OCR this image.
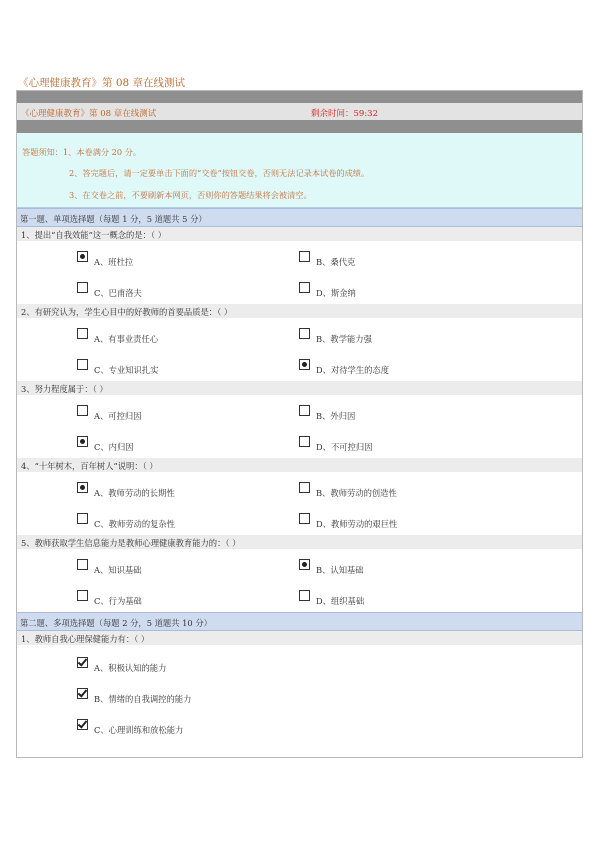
《心理健康教育》第 08 章在线测试
《心理健康教育》第 08 章在线测试	剩余时间：59:32
答题须知：1、本卷满分 20 分。
2、答完题后，请一定要单击下面的“交卷”按钮交卷，否则无法记录本试卷的成绩。
3、在交卷之前，不要刷新本网页，否则你的答题结果将会被清空。
第一题、单项选择题（每题 1 分，5 道题共 5 分）
1、提出“自我效能”这一概念的是：（ ）
A、班杜拉	B、桑代克
C、巴甫洛夫	D、斯金纳
2、有研究认为，学生心目中的好教师的首要品质是：（ ）
A、有事业责任心	B、教学能力强
C、专业知识扎实	D、对待学生的态度
3、努力程度属于：（ ）
A、可控归因	B、外归因
C、内归因	D、不可控归因
4、“十年树木，百年树人”说明：（ ）
A、教师劳动的长期性	B、教师劳动的创造性
C、教师劳动的复杂性	D、教师劳动的艰巨性
5、教师获取学生信息能力是教师心理健康教育能力的：（ ）
A、知识基础	B、认知基础
C、行为基础	D、组织基础
第二题、多项选择题（每题 2 分，5 道题共 10 分）
1、教师自我心理保健能力有：（ ）
A、积极认知的能力
B、情绪的自我调控的能力
C、心理训练和放松能力
